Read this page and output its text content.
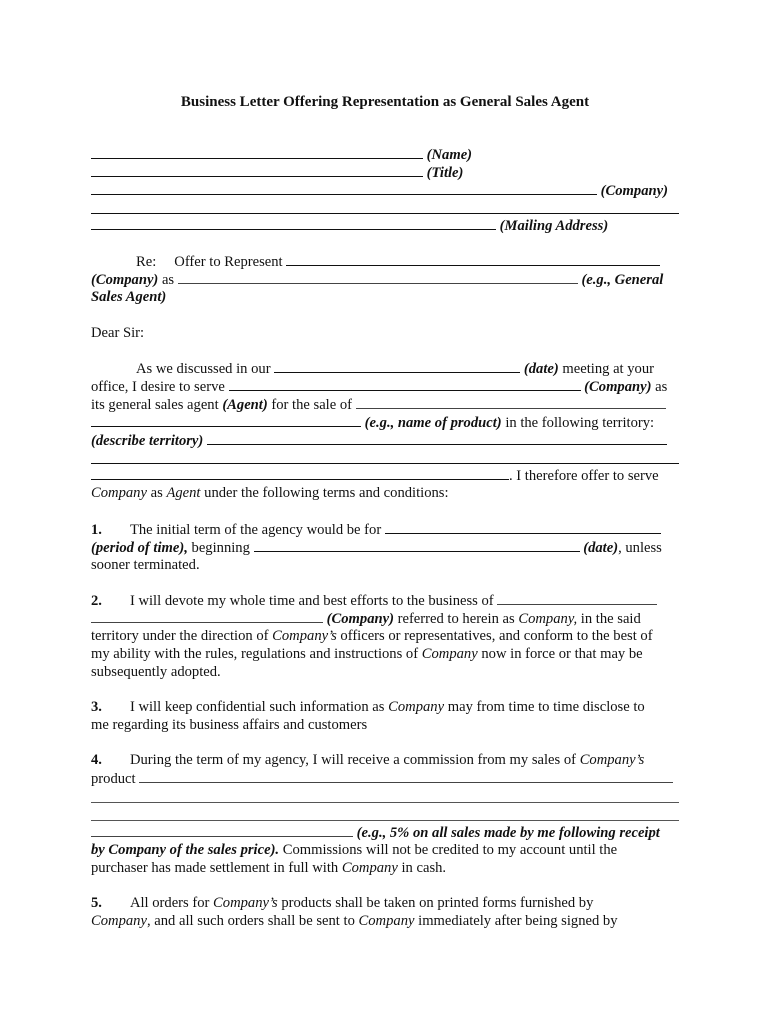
Business Letter Offering Representation as General Sales Agent
(Name)
(Title)
(Company)
(Mailing Address)
Re: Offer to Represent
(Company) as	(e.g., General
Sales Agent)
Dear Sir:
As we discussed in our	(date) meeting at your
office, I desire to serve	(Company) as
its general sales agent (Agent) for the sale of
(e.g., name of product) in the following territory:
(describe territory)
. I therefore offer to serve
Company as Agent under the following terms and conditions:
1. The initial term of the agency would be for
(period of time), beginning	(date), unless
sooner terminated.
2. I will devote my whole time and best efforts to the business of
(Company) referred to herein as Company, in the said
territory under the direction of Company’s officers or representatives, and conform to the best of
my ability with the rules, regulations and instructions of Company now in force or that may be
subsequently adopted.
3. I will keep confidential such information as Company may from time to time disclose to
me regarding its business affairs and customers
4. During the term of my agency, I will receive a commission from my sales of Company’s
product
(e.g., 5% on all sales made by me following receipt
by Company of the sales price). Commissions will not be credited to my account until the
purchaser has made settlement in full with Company in cash.
5. All orders for Company’s products shall be taken on printed forms furnished by
Company, and all such orders shall be sent to Company immediately after being signed by
